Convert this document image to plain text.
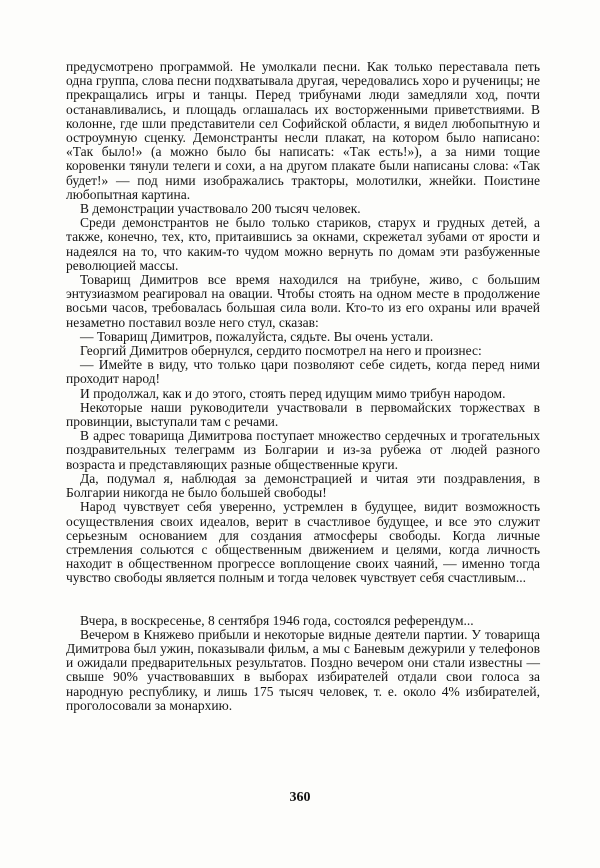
предусмотрено программой. Не умолкали песни. Как только переставала петь одна группа, слова песни подхватывала другая, чередовались хоро и рученицы; не прекращались игры и танцы. Перед трибунами люди замедляли ход, почти останавливались, и площадь оглашалась их восторженными приветствиями. В колонне, где шли представители сел Софийской области, я видел любопытную и остроумную сценку. Демонстранты несли плакат, на котором было написано: «Так было!» (а можно было бы написать: «Так есть!»), а за ними тощие коровенки тянули телеги и сохи, а на другом плакате были написаны слова: «Так будет!» — под ними изображались тракторы, молотилки, жнейки. Поистине любопытная картина.

В демонстрации участвовало 200 тысяч человек.

Среди демонстрантов не было только стариков, старух и грудных детей, а также, конечно, тех, кто, притаившись за окнами, скрежетал зубами от ярости и надеялся на то, что каким-то чудом можно вернуть по домам эти разбуженные революцией массы.

Товарищ Димитров все время находился на трибуне, живо, с большим энтузиазмом реагировал на овации. Чтобы стоять на одном месте в продолжение восьми часов, требовалась большая сила воли. Кто-то из его охраны или врачей незаметно поставил возле него стул, сказав:

— Товарищ Димитров, пожалуйста, сядьте. Вы очень устали.

Георгий Димитров обернулся, сердито посмотрел на него и произнес:

— Имейте в виду, что только цари позволяют себе сидеть, когда перед ними проходит народ!

И продолжал, как и до этого, стоять перед идущим мимо трибун народом.

Некоторые наши руководители участвовали в первомайских торжествах в провинции, выступали там с речами.

В адрес товарища Димитрова поступает множество сердечных и трогательных поздравительных телеграмм из Болгарии и из-за рубежа от людей разного возраста и представляющих разные общественные круги.

Да, подумал я, наблюдая за демонстрацией и читая эти поздравления, в Болгарии никогда не было большей свободы!

Народ чувствует себя уверенно, устремлен в будущее, видит возможность осуществления своих идеалов, верит в счастливое будущее, и все это служит серьезным основанием для создания атмосферы свободы. Когда личные стремления сольются с общественным движением и целями, когда личность находит в общественном прогрессе воплощение своих чаяний, — именно тогда чувство свободы является полным и тогда человек чувствует себя счастливым...

Вчера, в воскресенье, 8 сентября 1946 года, состоялся референдум...

Вечером в Княжево прибыли и некоторые видные деятели партии. У товарища Димитрова был ужин, показывали фильм, а мы с Баневым дежурили у телефонов и ожидали предварительных результатов. Поздно вечером они стали известны — свыше 90% участвовавших в выборах избирателей отдали свои голоса за народную республику, и лишь 175 тысяч человек, т. е. около 4% избирателей, проголосовали за монархию.

360
